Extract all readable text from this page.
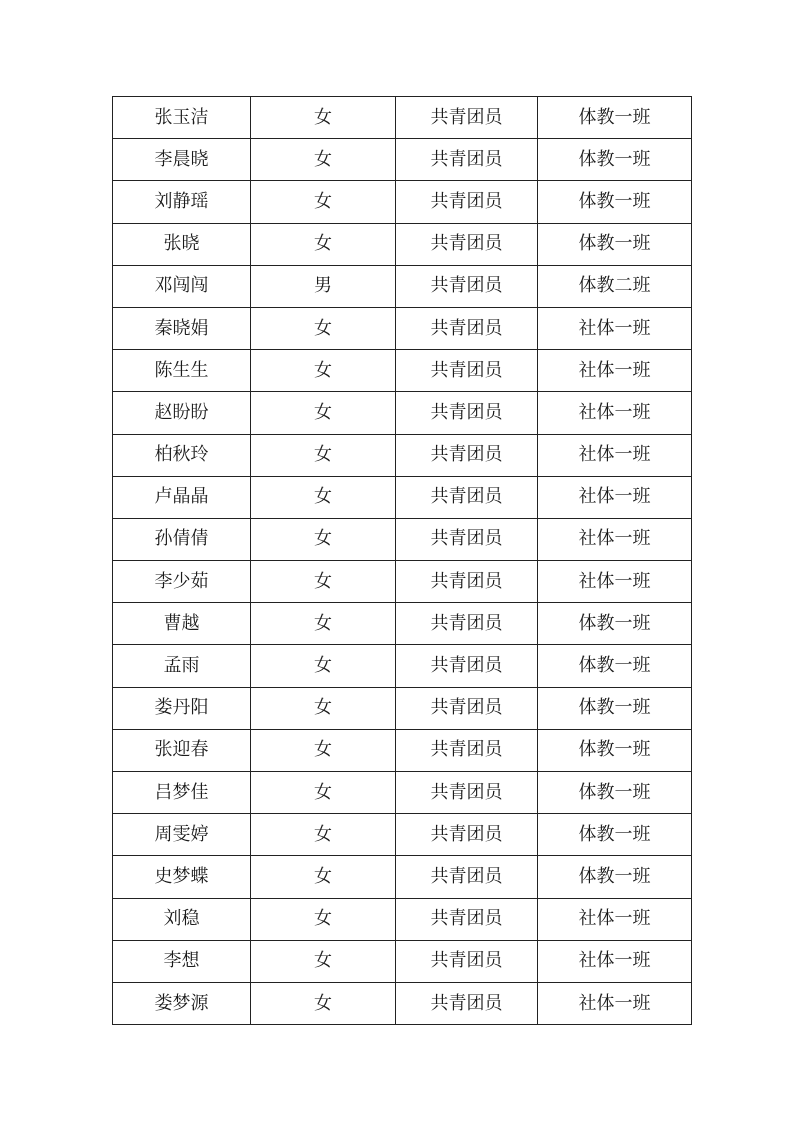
张玉洁	女	共青团员	体教一班
李晨晓	女	共青团员	体教一班
刘静瑶	女	共青团员	体教一班
张晓	女	共青团员	体教一班
邓闯闯	男	共青团员	体教二班
秦晓娟	女	共青团员	社体一班
陈生生	女	共青团员	社体一班
赵盼盼	女	共青团员	社体一班
柏秋玲	女	共青团员	社体一班
卢晶晶	女	共青团员	社体一班
孙倩倩	女	共青团员	社体一班
李少茹	女	共青团员	社体一班
曹越	女	共青团员	体教一班
孟雨	女	共青团员	体教一班
娄丹阳	女	共青团员	体教一班
张迎春	女	共青团员	体教一班
吕梦佳	女	共青团员	体教一班
周雯婷	女	共青团员	体教一班
史梦蝶	女	共青团员	体教一班
刘稳	女	共青团员	社体一班
李想	女	共青团员	社体一班
娄梦源	女	共青团员	社体一班
